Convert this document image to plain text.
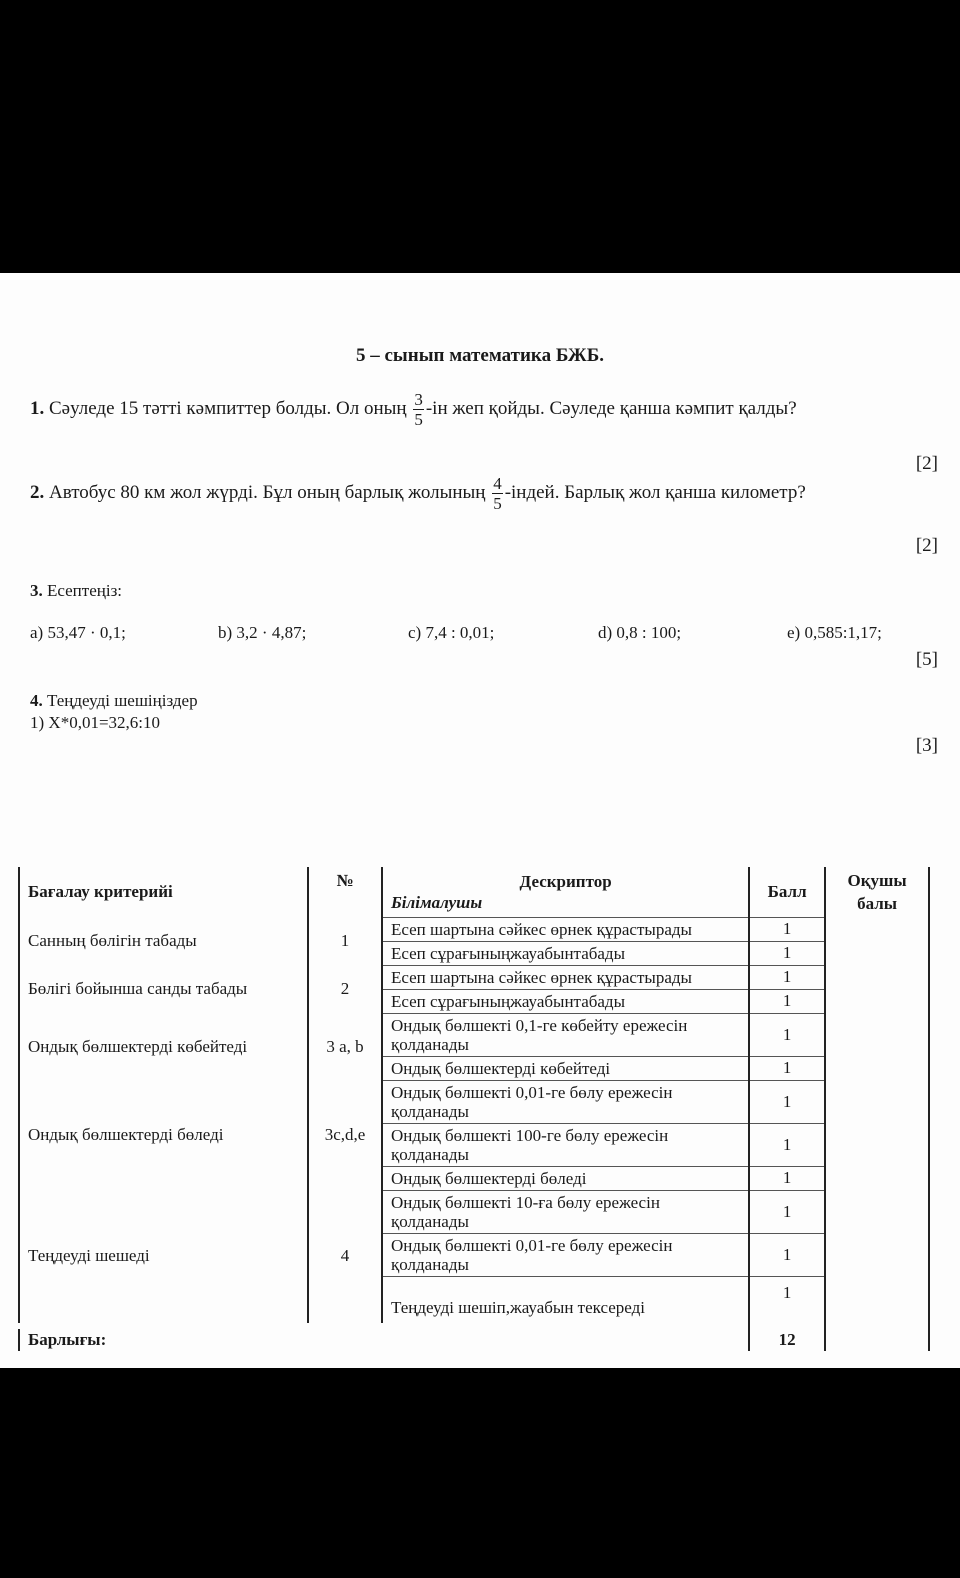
5 – сынып математика БЖБ.
1. Сәуледе 15 тәтті кәмпиттер болды. Ол оның $\frac{3}{5} -ін$ жеп қойды. Сәуледе қанша кәмпит қалды?
[2]
2. Автобус 80 км жол жүрді. Бұл оның барлық жолының $\frac{4}{5}$ -індей. Барлық жол қанша километр?
[2]
3. Есептеңіз:
a) 53,47 · 0,1;	b) 3,2 · 4,87;	c) 7,4 : 0,01;	d) 0,8 : 100;	e) 0,585:1,17;
[5]
4. Теңдеуді шешіңіздер
1) X*0,01=32,6:10
[3]
Бағалау критерийі	№	Дескриптор
Білімалушы	Балл	Оқушы балы
Санның бөлігін табады	1	Есеп шартына сәйкес өрнек құрастырады	1	
		Есеп сұрағыныңжауабынтабады	1	
Бөлігі бойынша санды табады	2	Есеп шартына сәйкес өрнек құрастырады	1	
		Есеп сұрағыныңжауабынтабады	1	
Ондық бөлшектерді көбейтеді	3 a, b	Ондық бөлшекті 0,1-ге көбейту ережесін қолданады	1	
		Ондық бөлшектерді көбейтеді	1	
Ондық бөлшектерді бөледі	3c,d,e	Ондық бөлшекті 0,01-ге бөлу ережесін қолданады	1	
		Ондық бөлшекті 100-ге бөлу ережесін қолданады	1	
		Ондық бөлшектерді бөледі	1	
Теңдеуді шешеді	4	Ондық бөлшекті 10-ға бөлу ережесін қолданады	1	
		Ондық бөлшекті 0,01-ге бөлу ережесін қолданады	1	
		Теңдеуді шешіп,жауабын тексереді	1	

Барлығы:			12	
